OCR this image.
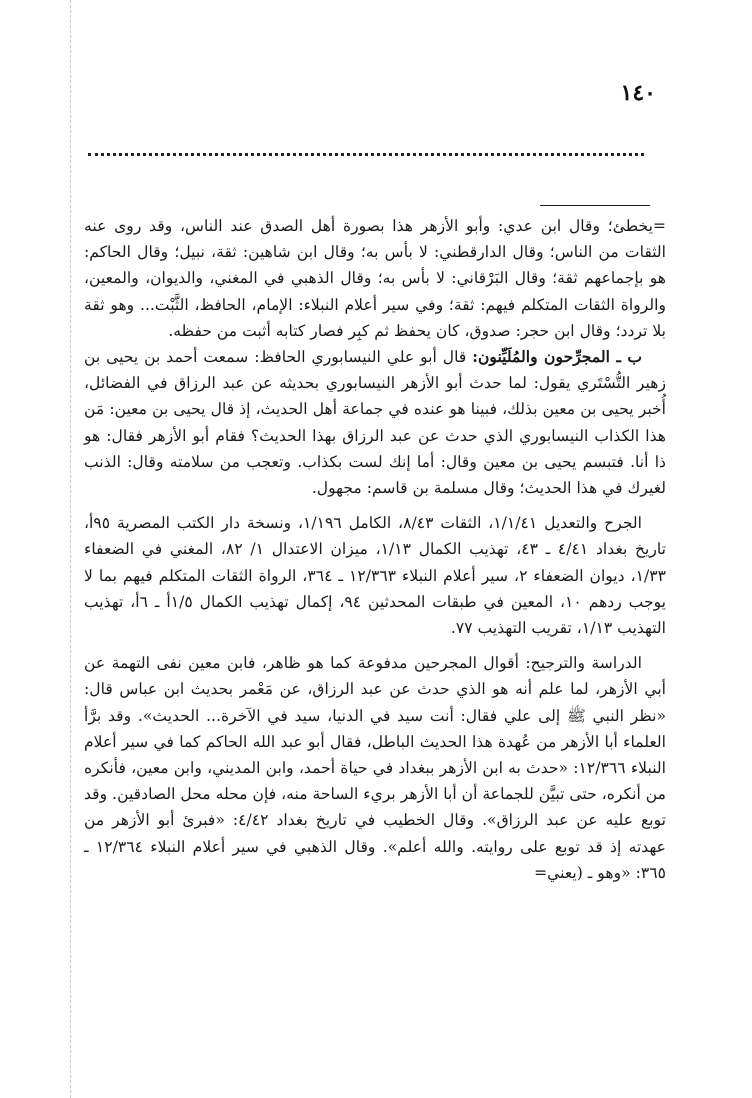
١٤٠

=يخطئ؛ وقال ابن عدي: وأبو الأزهر هذا بصورة أهل الصدق عند الناس، وقد روى عنه الثقات من الناس؛ وقال الدارقطني: لا بأس به؛ وقال ابن شاهين: ثقة، نبيل؛ وقال الحاكم: هو بإجماعهم ثقة؛ وقال البَرْقاني: لا بأس به؛ وقال الذهبي في المغني، والديوان، والمعين، والرواة الثقات المتكلم فيهم: ثقة؛ وفي سير أعلام النبلاء: الإمام، الحافظ، الثَّبْت... وهو ثقة بلا تردد؛ وقال ابن حجر: صدوق، كان يحفظ ثم كبِر فصار كتابه أثبت من حفظه.

ب ـ المجرِّحون والمُلَيِّنون: قال أبو علي النيسابوري الحافظ: سمعت أحمد بن يحيى بن زهير التُّسْتَري يقول: لما حدث أبو الأزهر النيسابوري بحديثه عن عبد الرزاق في الفضائل، أُخبر يحيى بن معين بذلك، فبينا هو عنده في جماعة أهل الحديث، إذ قال يحيى بن معين: مَن هذا الكذاب النيسابوري الذي حدث عن عبد الرزاق بهذا الحديث؟ فقام أبو الأزهر فقال: هو ذا أنا. فتبسم يحيى بن معين وقال: أما إنك لست بكذاب. وتعجب من سلامته وقال: الذنب لغيرك في هذا الحديث؛ وقال مسلمة بن قاسم: مجهول.

الجرح والتعديل ١/١/٤١، الثقات ٨/٤٣، الكامل ١/١٩٦، ونسخة دار الكتب المصرية ٩٥أ، تاريخ بغداد ٤/٤١ ـ ٤٣، تهذيب الكمال ١/١٣، ميزان الاعتدال ١/ ٨٢، المغني في الضعفاء ١/٣٣، ديوان الضعفاء ٢، سير أعلام النبلاء ١٢/٣٦٣ ـ ٣٦٤، الرواة الثقات المتكلم فيهم بما لا يوجب ردهم ١٠، المعين في طبقات المحدثين ٩٤، إكمال تهذيب الكمال ١/٥أ ـ ٦أ، تهذيب التهذيب ١/١٣، تقريب التهذيب ٧٧.

الدراسة والترجيح: أقوال المجرحين مدفوعة كما هو ظاهر، فابن معين نفى التهمة عن أبي الأزهر، لما علم أنه هو الذي حدث عن عبد الرزاق، عن مَعْمر بحديث ابن عباس قال: «نظر النبي ﷺ إلى علي فقال: أنت سيد في الدنيا، سيد في الآخرة... الحديث». وقد برَّأ العلماء أبا الأزهر من عُهدة هذا الحديث الباطل، فقال أبو عبد الله الحاكم كما في سير أعلام النبلاء ١٢/٣٦٦: «حدث به ابن الأزهر ببغداد في حياة أحمد، وابن المديني، وابن معين، فأنكره من أنكره، حتى تبيَّن للجماعة أن أبا الأزهر بريء الساحة منه، فإن محله محل الصادقين. وقد توبع عليه عن عبد الرزاق». وقال الخطيب في تاريخ بغداد ٤/٤٢: «فبرئ أبو الأزهر من عهدته إذ قد توبع على روايته. والله أعلم». وقال الذهبي في سير أعلام النبلاء ١٢/٣٦٤ ـ ٣٦٥: «وهو ـ (يعني=
